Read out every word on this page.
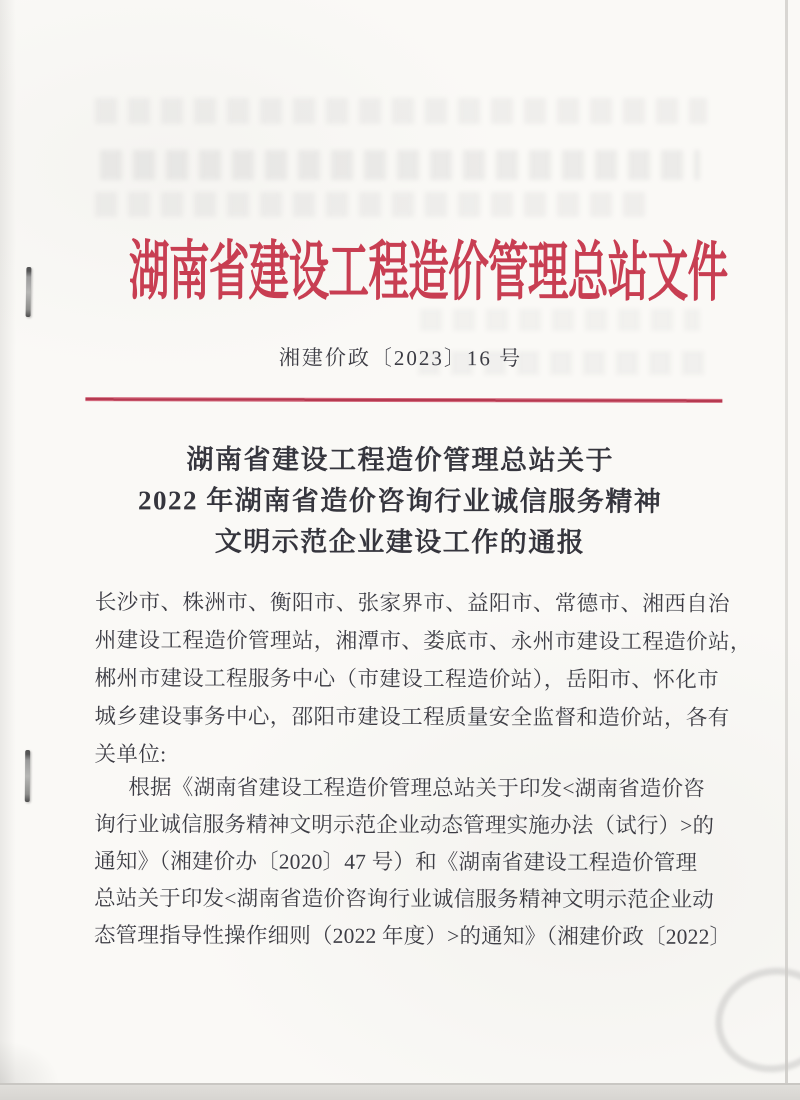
湖南省建设工程造价管理总站文件
湘建价政〔2023〕16 号
湖南省建设工程造价管理总站关于
2022 年湖南省造价咨询行业诚信服务精神
文明示范企业建设工作的通报
长沙市、株洲市、衡阳市、张家界市、益阳市、常德市、湘西自治
州建设工程造价管理站，湘潭市、娄底市、永州市建设工程造价站，
郴州市建设工程服务中心（市建设工程造价站），岳阳市、怀化市
城乡建设事务中心，邵阳市建设工程质量安全监督和造价站，各有
关单位:
根据《湖南省建设工程造价管理总站关于印发<湖南省造价咨
询行业诚信服务精神文明示范企业动态管理实施办法（试行）>的
通知》（湘建价办〔2020〕47 号）和《湖南省建设工程造价管理
总站关于印发<湖南省造价咨询行业诚信服务精神文明示范企业动
态管理指导性操作细则（2022 年度）>的通知》（湘建价政〔2022〕
